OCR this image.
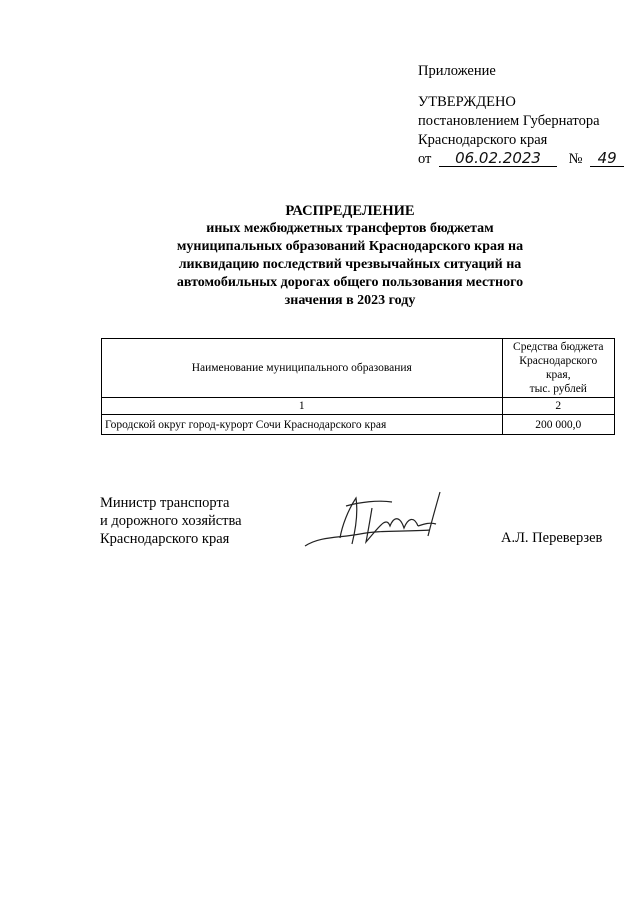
Приложение
УТВЕРЖДЕНО
постановлением Губернатора
Краснодарского края
от 06.02.2023 № 49
РАСПРЕДЕЛЕНИЕ
иных межбюджетных трансфертов бюджетам
муниципальных образований Краснодарского края на
ликвидацию последствий чрезвычайных ситуаций на
автомобильных дорогах общего пользования местного
значения в 2023 году
Наименование муниципального образования	Средства бюджета
Краснодарского
края,
тыс. рублей

1	2
Городской округ город-курорт Сочи Краснодарского края	200 000,0
Министр транспорта
и дорожного хозяйства
Краснодарского края	А.Л. Переверзев
